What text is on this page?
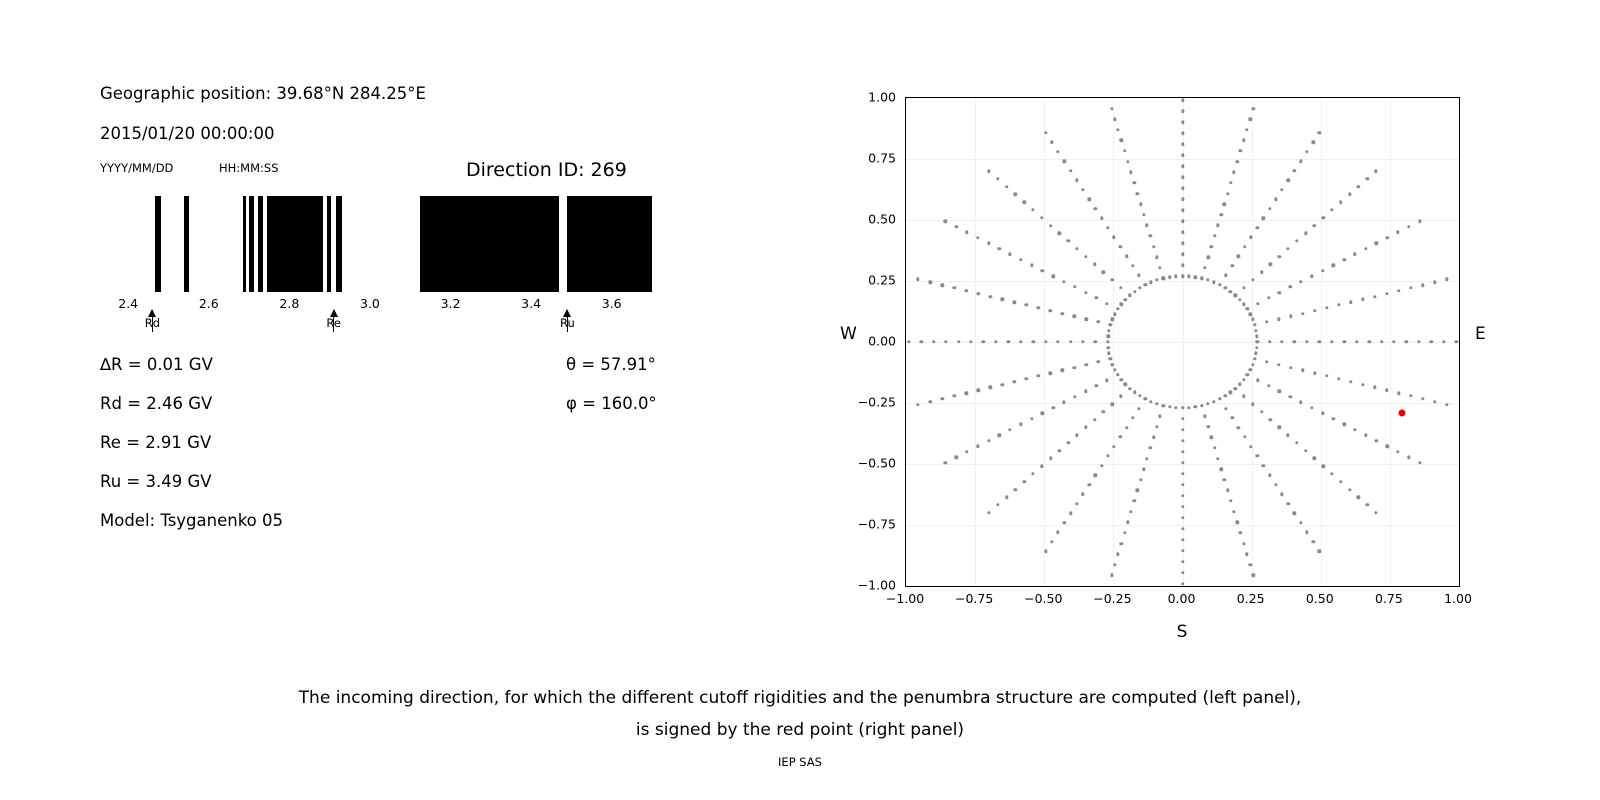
Geographic position: 39.68°N 284.25°E
2015/01/20 00:00:00
YYYY/MM/DD	HH:MM:SS	Direction ID: 269
2.4	2.6	2.8	3.0	3.2	3.4	3.6
Rd	Re	Ru
∆R = 0.01 GV
Rd = 2.46 GV
Re = 2.91 GV
Ru = 3.49 GV
Model: Tsyganenko 05
θ = 57.91°
φ = 160.0°
S
W	E
−1.00
−0.75
−0.50
−0.25
0.00
0.25
0.50
0.75
1.00
−1.00 −0.75 −0.50 −0.25	0.00	0.25	0.50	0.75	1.00
The incoming direction, for which the different cutoff rigidities and the penumbra structure are computed (left panel),
is signed by the red point (right panel)
IEP SAS
